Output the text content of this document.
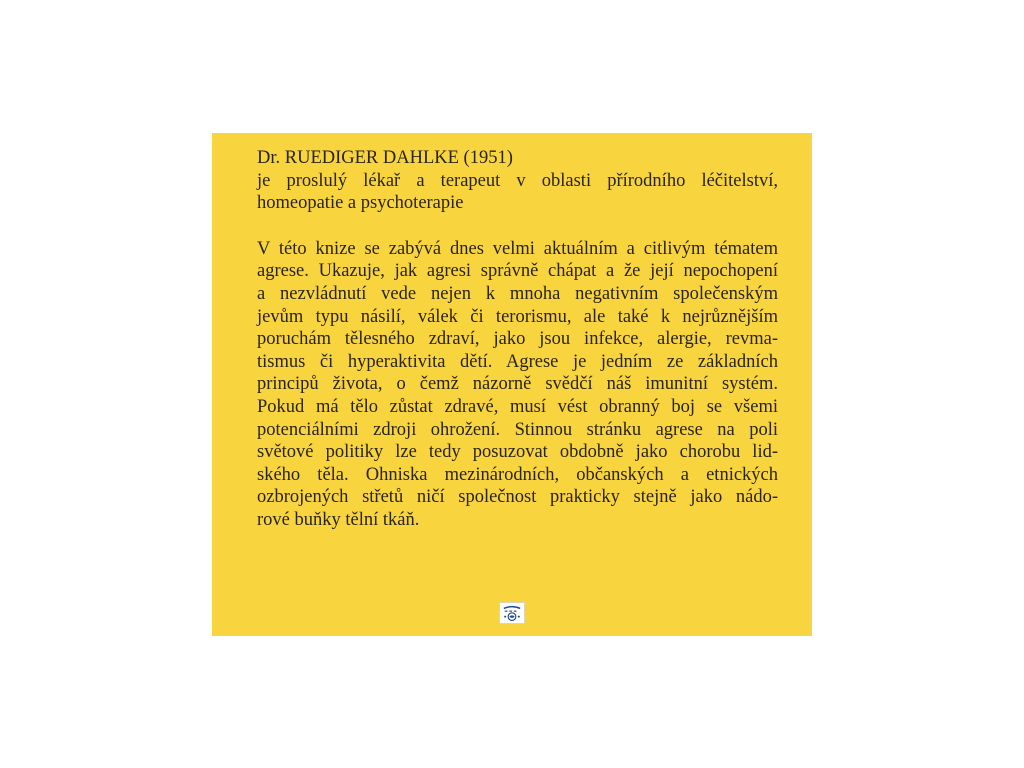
Dr. RUEDIGER DAHLKE (1951)
je proslulý lékař a terapeut v oblasti přírodního léčitelství,
homeopatie a psychoterapie
V této knize se zabývá dnes velmi aktuálním a citlivým tématem
agrese. Ukazuje, jak agresi správně chápat a že její nepochopení
a nezvládnutí vede nejen k mnoha negativním společenským
jevům typu násilí, válek či terorismu, ale také k nejrůznějším
poruchám tělesného zdraví, jako jsou infekce, alergie, revma-
tismus či hyperaktivita dětí. Agrese je jedním ze základních
principů života, o čemž názorně svědčí náš imunitní systém.
Pokud má tělo zůstat zdravé, musí vést obranný boj se všemi
potenciálními zdroji ohrožení. Stinnou stránku agrese na poli
světové politiky lze tedy posuzovat obdobně jako chorobu lid-
ského těla. Ohniska mezinárodních, občanských a etnických
ozbrojených střetů ničí společnost prakticky stejně jako nádo-
rové buňky tělní tkáň.
